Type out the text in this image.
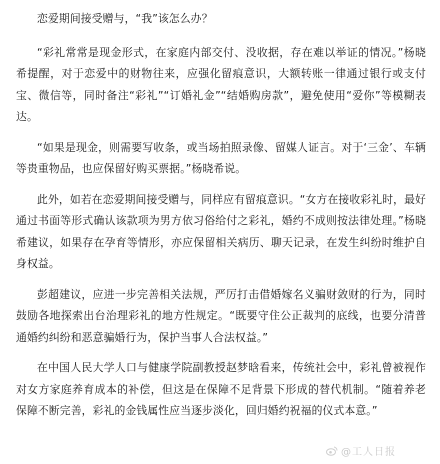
恋爱期间接受赠与，“我”该怎么办？

“彩礼常常是现金形式，在家庭内部交付、没收据，存在难以举证的情况。”杨晓希提醒，对于恋爱中的财物往来，应强化留痕意识，大额转账一律通过银行或支付宝、微信等，同时备注“彩礼”“订婚礼金”“结婚购房款”，避免使用“爱你”等模糊表达。

“如果是现金，则需要写收条，或当场拍照录像、留媒人证言。对于‘三金’、车辆等贵重物品，也应保留好购买票据。”杨晓希说。

此外，如若在恋爱期间接受赠与，同样应有留痕意识。“女方在接收彩礼时，最好通过书面等形式确认该款项为男方依习俗给付之彩礼，婚约不成则按法律处理。”杨晓希建议，如果存在孕育等情形，亦应保留相关病历、聊天记录，在发生纠纷时维护自身权益。

彭超建议，应进一步完善相关法规，严厉打击借婚嫁名义骗财敛财的行为，同时鼓励各地探索出台治理彩礼的地方性规定。“既要守住公正裁判的底线，也要分清普通婚约纠纷和恶意骗婚行为，保护当事人合法权益。”

在中国人民大学人口与健康学院副教授赵梦晗看来，传统社会中，彩礼曾被视作对女方家庭养育成本的补偿，但这是在保障不足背景下形成的替代机制。“随着养老保障不断完善，彩礼的金钱属性应当逐步淡化，回归婚约祝福的仪式本意。”

@工人日报
